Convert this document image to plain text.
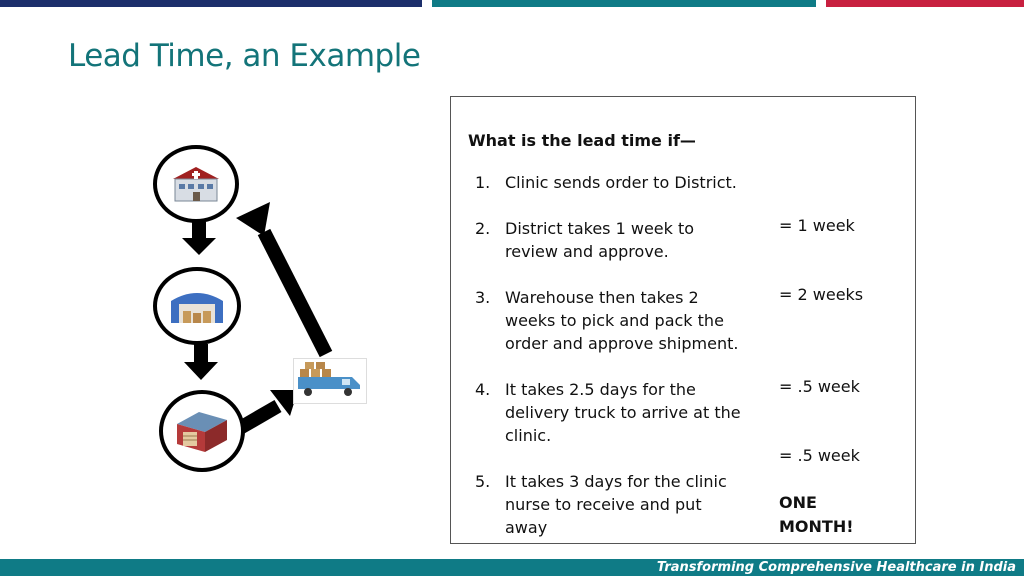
Lead Time, an Example
What is the lead time if—
1. Clinic sends order to District.
2. District takes 1 week to review and approve.
= 1 week
3. Warehouse then takes 2 weeks to pick and pack the order and approve shipment.
= 2 weeks
4. It takes 2.5 days for the delivery truck to arrive at the clinic.
= .5 week
= .5 week
5. It takes 3 days for the clinic nurse to receive and put away
ONE MONTH!
Transforming Comprehensive Healthcare in India
